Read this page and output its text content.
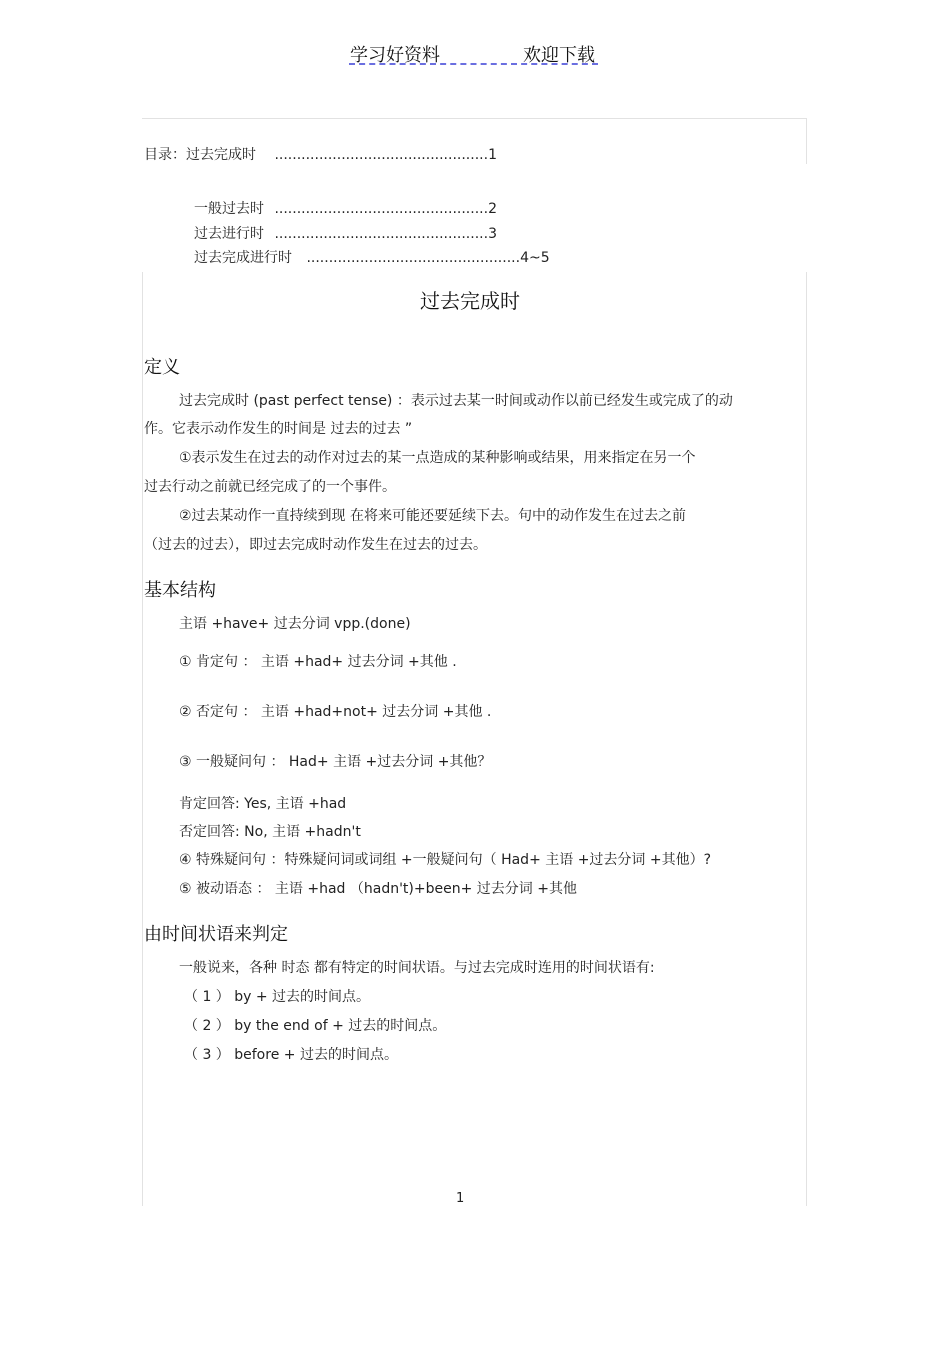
学习好资料	欢迎下载
目录：过去完成时 ................................................1
一般过去时 ................................................2
过去进行时 ................................................3
过去完成进行时 ................................................4~5
过去完成时
定义
过去完成时 (past perfect tense) ：表示过去某一时间或动作以前已经发生或完成了的动
作。它表示动作发生的时间是 过去的过去 ”
①表示发生在过去的动作对过去的某一点造成的某种影响或结果，用来指定在另一个
过去行动之前就已经完成了的一个事件。
②过去某动作一直持续到现 在将来可能还要延续下去。句中的动作发生在过去之前
（过去的过去），即过去完成时动作发生在过去的过去。
基本结构
主语 +have+ 过去分词 vpp.(done)
① 肯定句 ： 主语 +had+ 过去分词 +其他 .
② 否定句 ： 主语 +had+not+ 过去分词 +其他 .
③ 一般疑问句 ： Had+ 主语 +过去分词 +其他？
肯定回答: Yes, 主语 +had
否定回答: No, 主语 +hadn't
④ 特殊疑问句 ：特殊疑问词或词组 +一般疑问句（ Had+ 主语 +过去分词 +其他）?
⑤ 被动语态 ： 主语 +had （hadn't)+been+ 过去分词 +其他
由时间状语来判定
一般说来，各种 时态 都有特定的时间状语。与过去完成时连用的时间状语有:
（ 1 ） by + 过去的时间点。
（ 2 ） by the end of + 过去的时间点。
（ 3 ） before + 过去的时间点。
1
